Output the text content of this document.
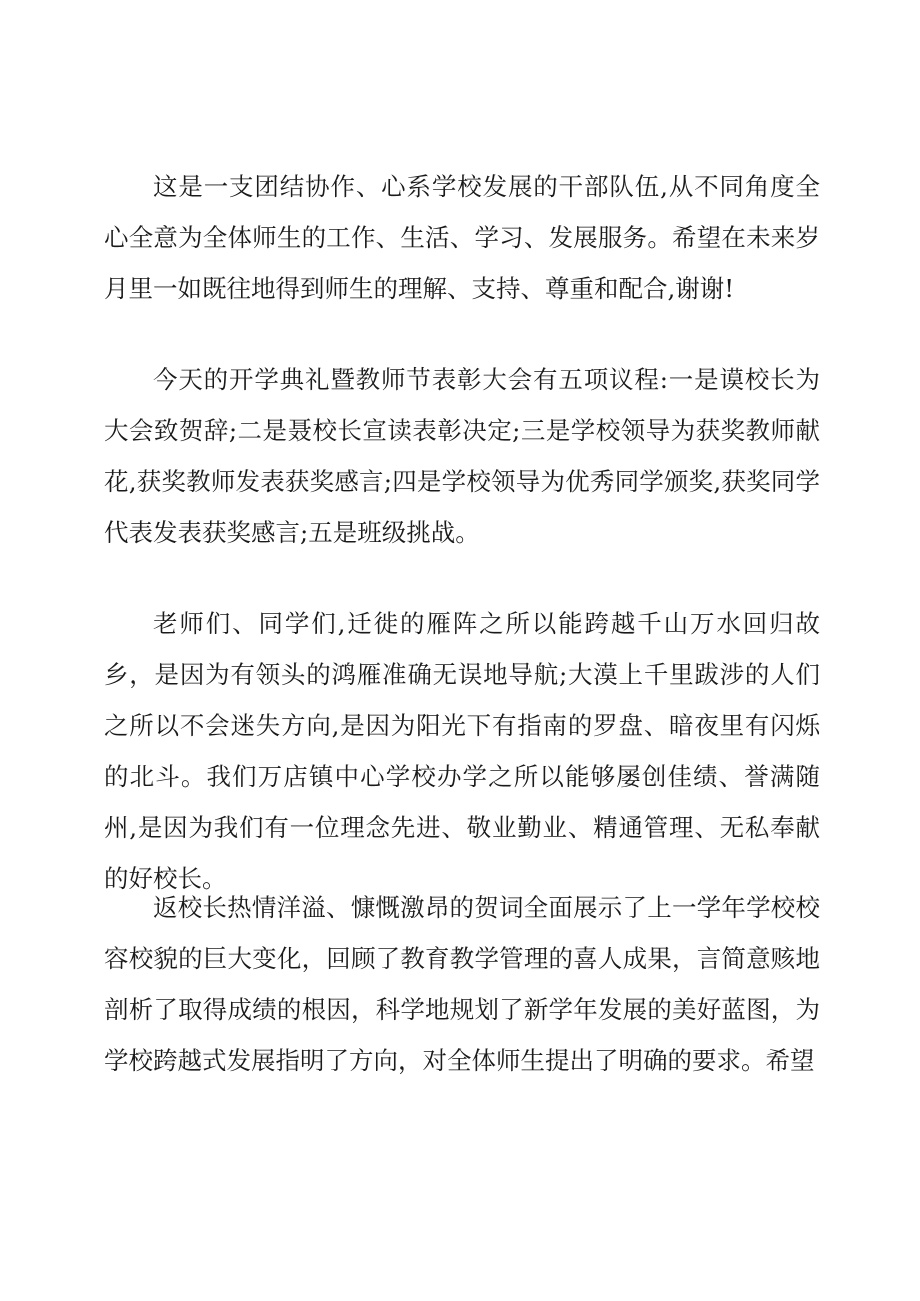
这是一支团结协作、心系学校发展的干部队伍,从不同角度全心全意为全体师生的工作、生活、学习、发展服务。希望在未来岁月里一如既往地得到师生的理解、支持、尊重和配合,谢谢!

今天的开学典礼暨教师节表彰大会有五项议程:一是谟校长为大会致贺辞;二是聂校长宣读表彰决定;三是学校领导为获奖教师献花,获奖教师发表获奖感言;四是学校领导为优秀同学颁奖,获奖同学代表发表获奖感言;五是班级挑战。

老师们、同学们,迁徙的雁阵之所以能跨越千山万水回归故乡，是因为有领头的鸿雁准确无误地导航;大漠上千里跋涉的人们之所以不会迷失方向,是因为阳光下有指南的罗盘、暗夜里有闪烁的北斗。我们万店镇中心学校办学之所以能够屡创佳绩、誉满随州,是因为我们有一位理念先进、敬业勤业、精通管理、无私奉献的好校长。

返校长热情洋溢、慷慨激昂的贺词全面展示了上一学年学校校容校貌的巨大变化，回顾了教育教学管理的喜人成果，言简意赅地剖析了取得成绩的根因，科学地规划了新学年发展的美好蓝图，为学校跨越式发展指明了方向，对全体师生提出了明确的要求。希望
